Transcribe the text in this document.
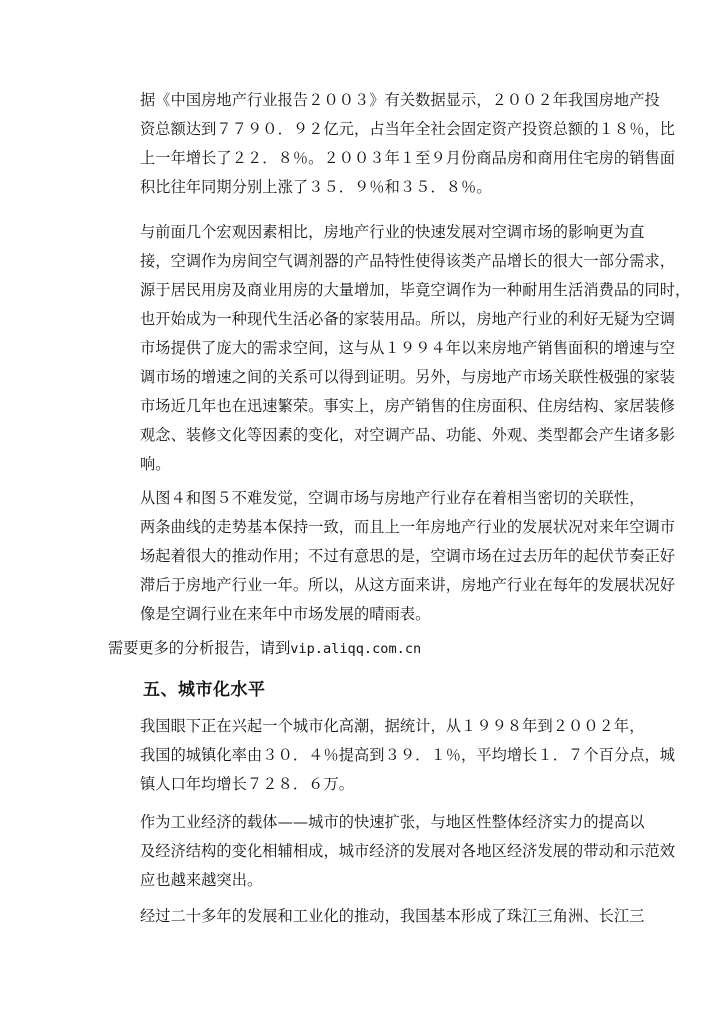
据《中国房地产行业报告２００３》有关数据显示，２００２年我国房地产投
资总额达到７７９０．９２亿元，占当年全社会固定资产投资总额的１８％，比
上一年增长了２２．８％。２００３年１至９月份商品房和商用住宅房的销售面
积比往年同期分别上涨了３５．９％和３５．８％。
与前面几个宏观因素相比，房地产行业的快速发展对空调市场的影响更为直
接，空调作为房间空气调剂器的产品特性使得该类产品增长的很大一部分需求，
源于居民用房及商业用房的大量增加，毕竟空调作为一种耐用生活消费品的同时，
也开始成为一种现代生活必备的家装用品。所以，房地产行业的利好无疑为空调
市场提供了庞大的需求空间，这与从１９９４年以来房地产销售面积的增速与空
调市场的增速之间的关系可以得到证明。另外，与房地产市场关联性极强的家装
市场近几年也在迅速繁荣。事实上，房产销售的住房面积、住房结构、家居装修
观念、装修文化等因素的变化，对空调产品、功能、外观、类型都会产生诸多影
响。
从图４和图５不难发觉，空调市场与房地产行业存在着相当密切的关联性，
两条曲线的走势基本保持一致，而且上一年房地产行业的发展状况对来年空调市
场起着很大的推动作用；不过有意思的是，空调市场在过去历年的起伏节奏正好
滞后于房地产行业一年。所以，从这方面来讲，房地产行业在每年的发展状况好
像是空调行业在来年中市场发展的晴雨表。
需要更多的分析报告，请到vip.aliqq.com.cn
五、城市化水平
我国眼下正在兴起一个城市化高潮，据统计，从１９９８年到２００２年，
我国的城镇化率由３０．４％提高到３９．１％，平均增长１．７个百分点，城
镇人口年均增长７２８．６万。
作为工业经济的载体——城市的快速扩张，与地区性整体经济实力的提高以
及经济结构的变化相辅相成，城市经济的发展对各地区经济发展的带动和示范效
应也越来越突出。
经过二十多年的发展和工业化的推动，我国基本形成了珠江三角洲、长江三
